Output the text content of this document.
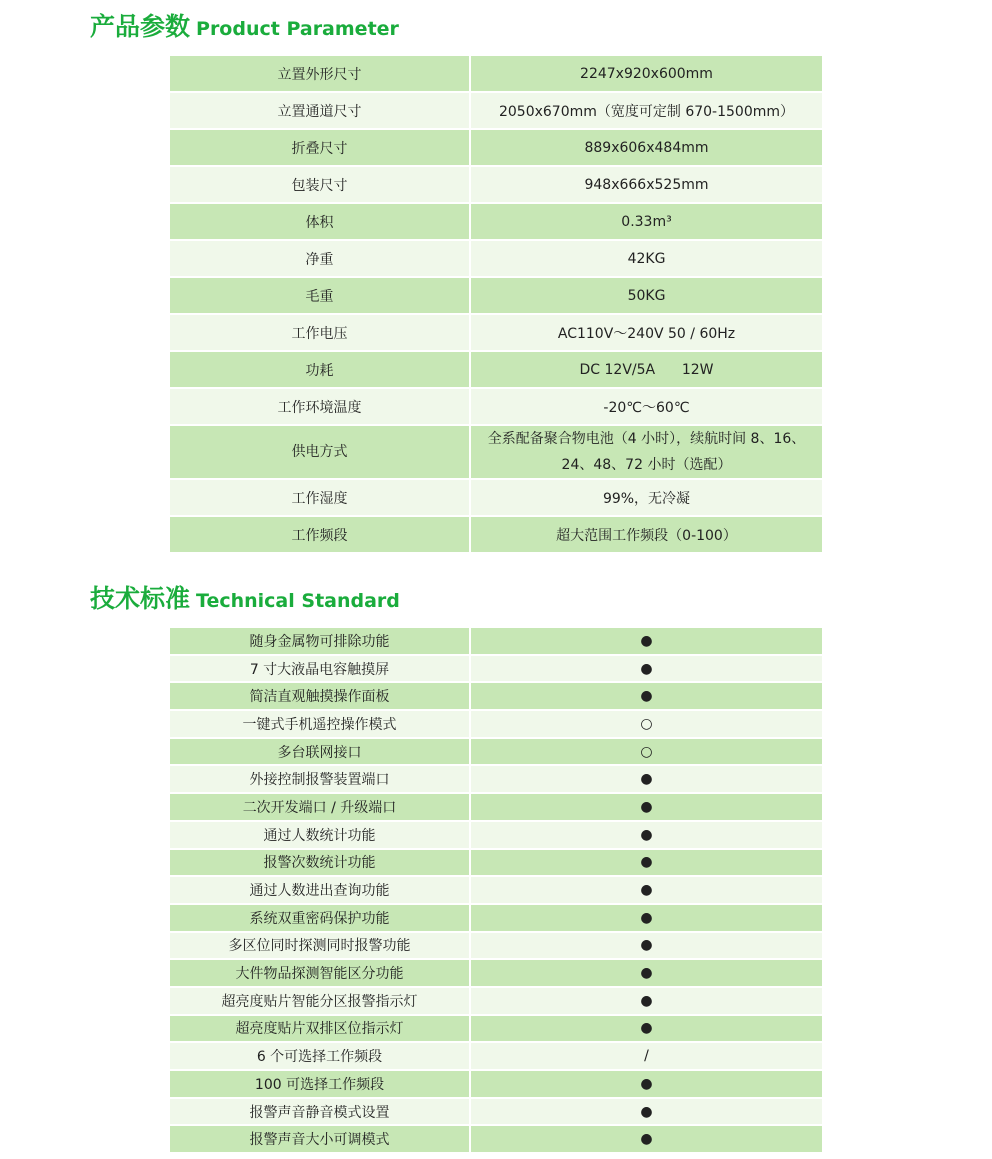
产品参数 Product Parameter
立置外形尺寸	2247x920x600mm
立置通道尺寸	2050x670mm（宽度可定制 670-1500mm）
折叠尺寸	889x606x484mm
包装尺寸	948x666x525mm
体积	0.33m³
净重	42KG
毛重	50KG
工作电压	AC110V～240V 50 / 60Hz
功耗	DC 12V/5A      12W
工作环境温度	-20℃～60℃
供电方式	全系配备聚合物电池（4 小时），续航时间 8、16、24、48、72 小时（选配）
工作湿度	99%，无冷凝
工作频段	超大范围工作频段（0-100）
技术标准 Technical Standard
随身金属物可排除功能	●
7 寸大液晶电容触摸屏	●
简洁直观触摸操作面板	●
一键式手机遥控操作模式	○
多台联网接口	○
外接控制报警装置端口	●
二次开发端口 / 升级端口	●
通过人数统计功能	●
报警次数统计功能	●
通过人数进出查询功能	●
系统双重密码保护功能	●
多区位同时探测同时报警功能	●
大件物品探测智能区分功能	●
超亮度贴片智能分区报警指示灯	●
超亮度贴片双排区位指示灯	●
6 个可选择工作频段	/
100 可选择工作频段	●
报警声音静音模式设置	●
报警声音大小可调模式	●
